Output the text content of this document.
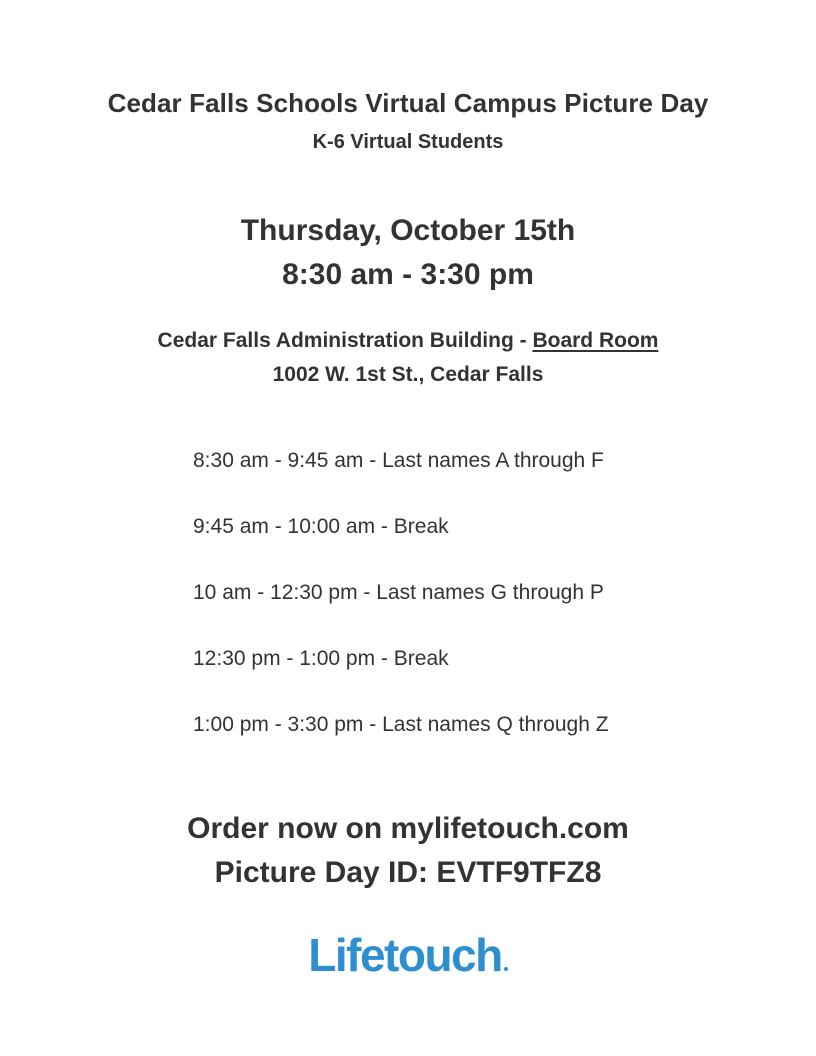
Cedar Falls Schools Virtual Campus Picture Day
K-6 Virtual Students
Thursday, October 15th
8:30 am - 3:30 pm
Cedar Falls Administration Building - Board Room
1002 W. 1st St., Cedar Falls
8:30 am - 9:45 am - Last names A through F
9:45 am - 10:00 am - Break
10 am - 12:30 pm - Last names G through P
12:30 pm - 1:00 pm - Break
1:00 pm - 3:30 pm - Last names Q through Z
Order now on mylifetouch.com
Picture Day ID: EVTF9TFZ8
Lifetouch
